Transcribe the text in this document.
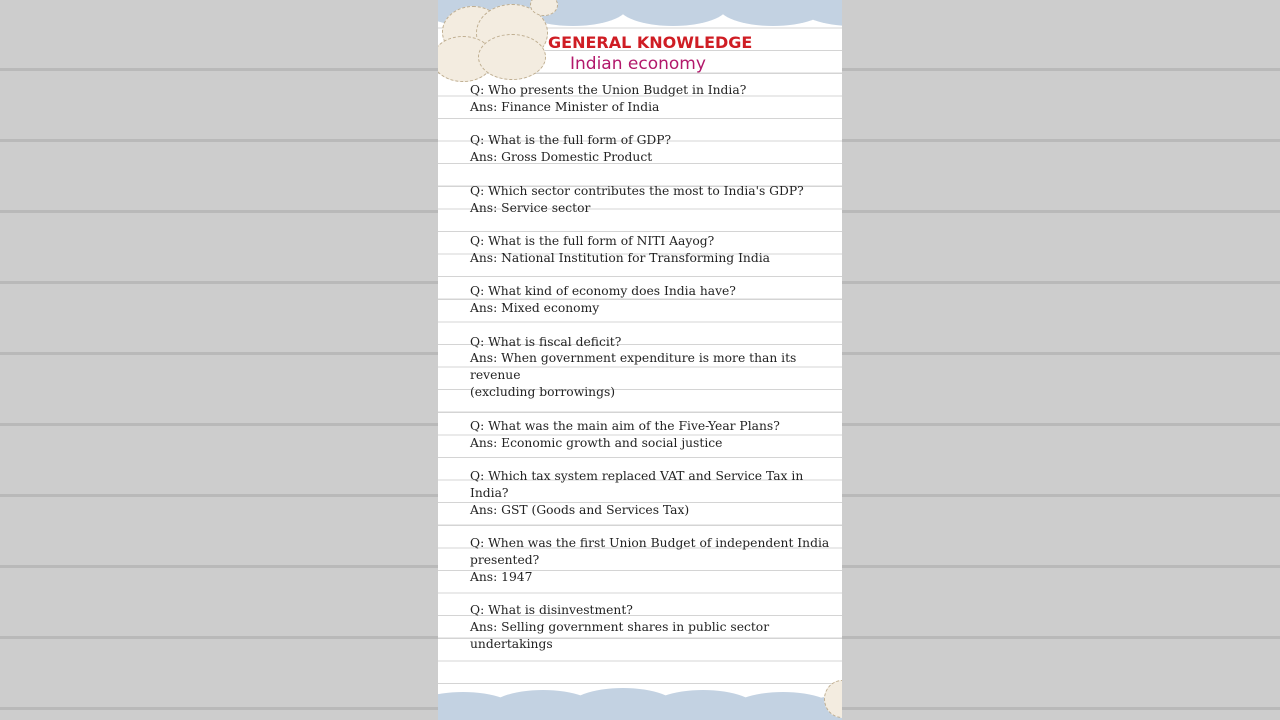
GENERAL KNOWLEDGE
Indian economy
Q: Who presents the Union Budget in India?
Ans: Finance Minister of India
Q: What is the full form of GDP?
Ans: Gross Domestic Product
Q: Which sector contributes the most to India's GDP?
Ans: Service sector
Q: What is the full form of NITI Aayog?
Ans: National Institution for Transforming India
Q: What kind of economy does India have?
Ans: Mixed economy
Q: What is fiscal deficit?
Ans: When government expenditure is more than its revenue
(excluding borrowings)
Q: What was the main aim of the Five-Year Plans?
Ans: Economic growth and social justice
Q: Which tax system replaced VAT and Service Tax in India?
Ans: GST (Goods and Services Tax)
Q: When was the first Union Budget of independent India
presented?
Ans: 1947
Q: What is disinvestment?
Ans: Selling government shares in public sector undertakings
